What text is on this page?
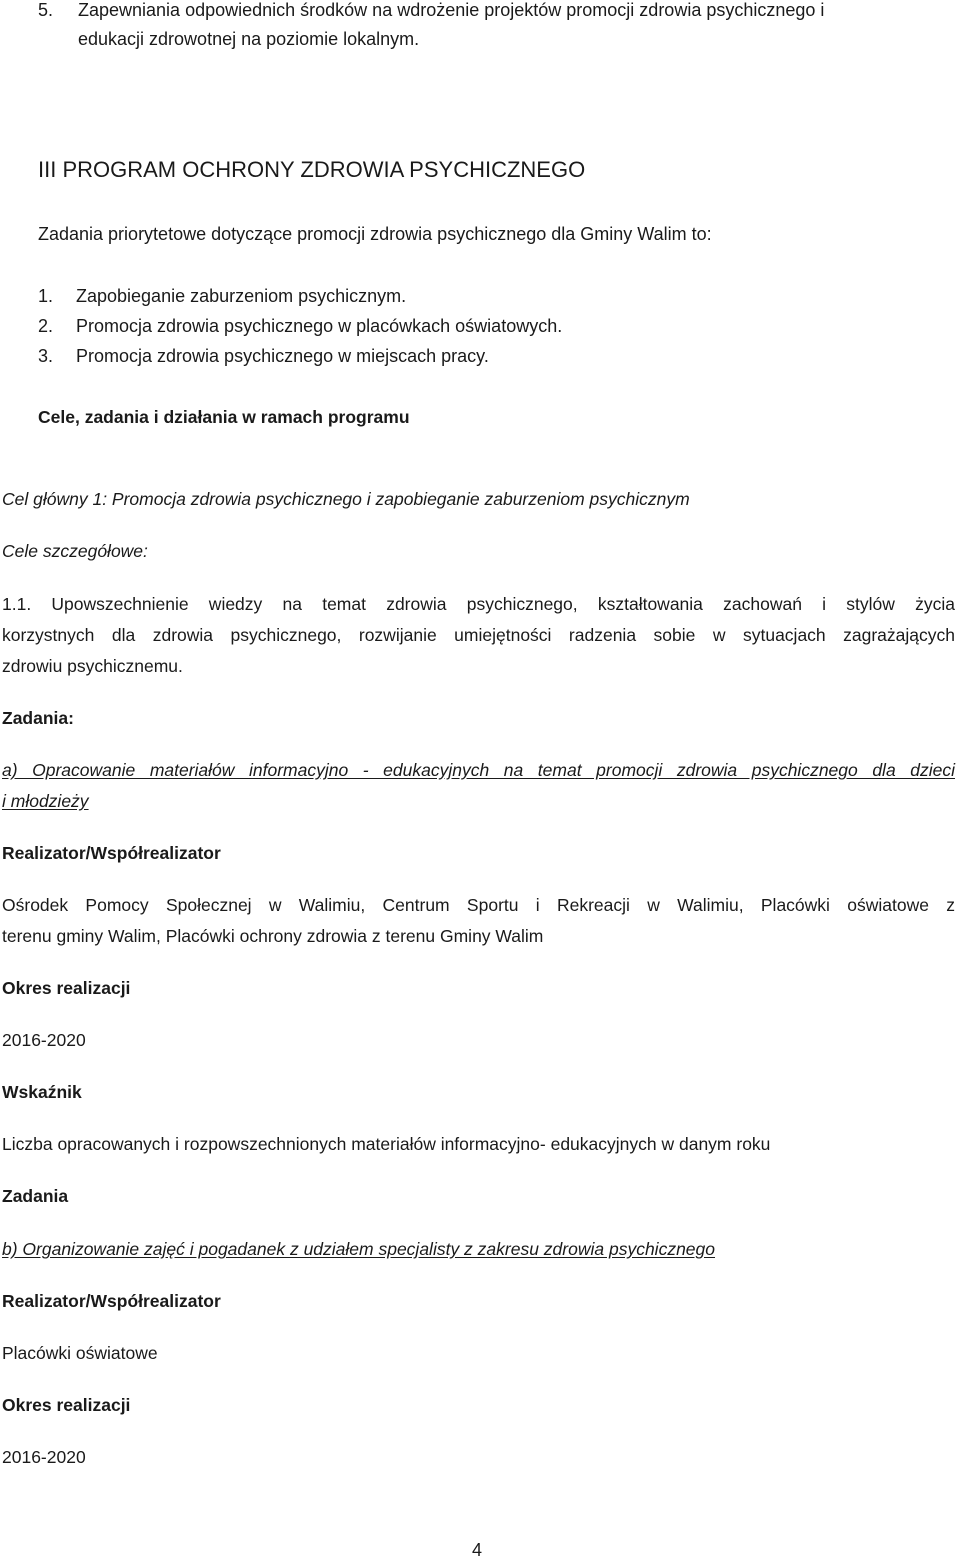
5. Zapewniania odpowiednich środków na wdrożenie projektów promocji zdrowia psychicznego i

edukacji zdrowotnej na poziomie lokalnym.

III PROGRAM OCHRONY ZDROWIA PSYCHICZNEGO

Zadania priorytetowe dotyczące promocji zdrowia psychicznego dla Gminy Walim to:

1. Zapobieganie zaburzeniom psychicznym.

2. Promocja zdrowia psychicznego w placówkach oświatowych.

3. Promocja zdrowia psychicznego w miejscach pracy.

Cele, zadania i działania w ramach programu

Cel główny 1: Promocja zdrowia psychicznego i zapobieganie zaburzeniom psychicznym

Cele szczegółowe:

1.1. Upowszechnienie wiedzy na temat zdrowia psychicznego, kształtowania zachowań i stylów życia

korzystnych dla zdrowia psychicznego, rozwijanie umiejętności radzenia sobie w sytuacjach zagrażających

zdrowiu psychicznemu.

Zadania:

a) Opracowanie materiałów informacyjno - edukacyjnych na temat promocji zdrowia psychicznego dla dzieci

i młodzieży

Realizator/Współrealizator

Ośrodek Pomocy Społecznej w Walimiu, Centrum Sportu i Rekreacji w Walimiu, Placówki oświatowe z

terenu gminy Walim, Placówki ochrony zdrowia z terenu Gminy Walim

Okres realizacji

2016-2020

Wskaźnik

Liczba opracowanych i rozpowszechnionych materiałów informacyjno- edukacyjnych w danym roku

Zadania

b) Organizowanie zajęć i pogadanek z udziałem specjalisty z zakresu zdrowia psychicznego

Realizator/Współrealizator

Placówki oświatowe

Okres realizacji

2016-2020

4
